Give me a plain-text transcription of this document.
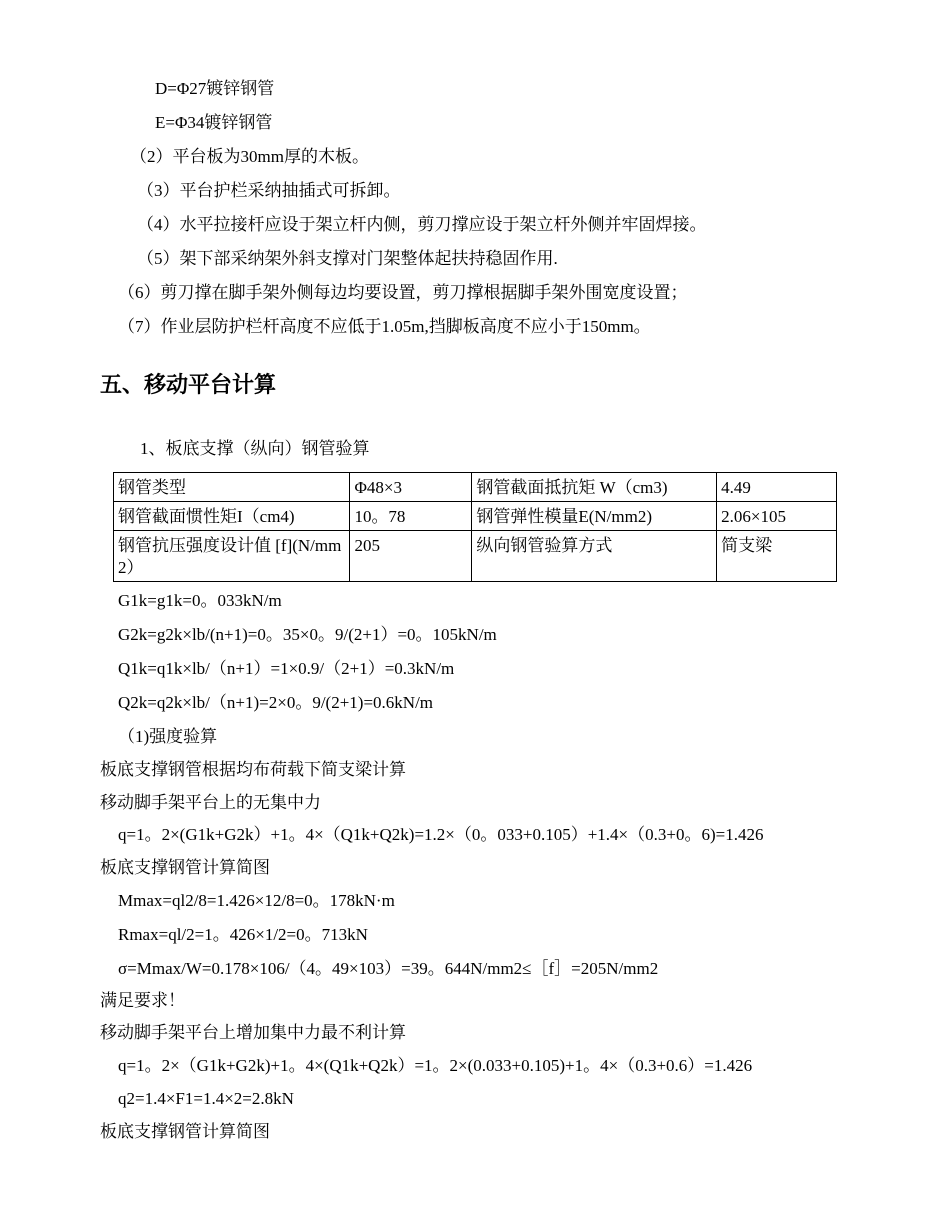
D=Φ27镀锌钢管
E=Φ34镀锌钢管
（2）平台板为30mm厚的木板。
（3）平台护栏采纳抽插式可拆卸。
（4）水平拉接杆应设于架立杆内侧，剪刀撑应设于架立杆外侧并牢固焊接。
（5）架下部采纳架外斜支撑对门架整体起扶持稳固作用.
（6）剪刀撑在脚手架外侧每边均要设置，剪刀撑根据脚手架外围宽度设置；
（7）作业层防护栏杆高度不应低于1.05m,挡脚板高度不应小于150mm。
五、移动平台计算
1、板底支撑（纵向）钢管验算
钢管类型	Φ48×3	钢管截面抵抗矩 W（cm3)	4.49
钢管截面惯性矩I（cm4)	10。78	钢管弹性模量E(N/mm2)	2.06×105
钢管抗压强度设计值 [f](N/mm2）	205	纵向钢管验算方式	简支梁
G1k=g1k=0。033kN/m
G2k=g2k×lb/(n+1)=0。35×0。9/(2+1）=0。105kN/m
Q1k=q1k×lb/（n+1）=1×0.9/（2+1）=0.3kN/m
Q2k=q2k×lb/（n+1)=2×0。9/(2+1)=0.6kN/m
（1)强度验算
板底支撑钢管根据均布荷载下简支梁计算
移动脚手架平台上的无集中力
q=1。2×(G1k+G2k）+1。4×（Q1k+Q2k)=1.2×（0。033+0.105）+1.4×（0.3+0。6)=1.426
板底支撑钢管计算简图
Mmax=ql2/8=1.426×12/8=0。178kN·m
Rmax=ql/2=1。426×1/2=0。713kN
σ=Mmax/W=0.178×106/（4。49×103）=39。644N/mm2≤［f］=205N/mm2
满足要求！
移动脚手架平台上增加集中力最不利计算
q=1。2×（G1k+G2k)+1。4×(Q1k+Q2k）=1。2×(0.033+0.105)+1。4×（0.3+0.6）=1.426
q2=1.4×F1=1.4×2=2.8kN
板底支撑钢管计算简图
